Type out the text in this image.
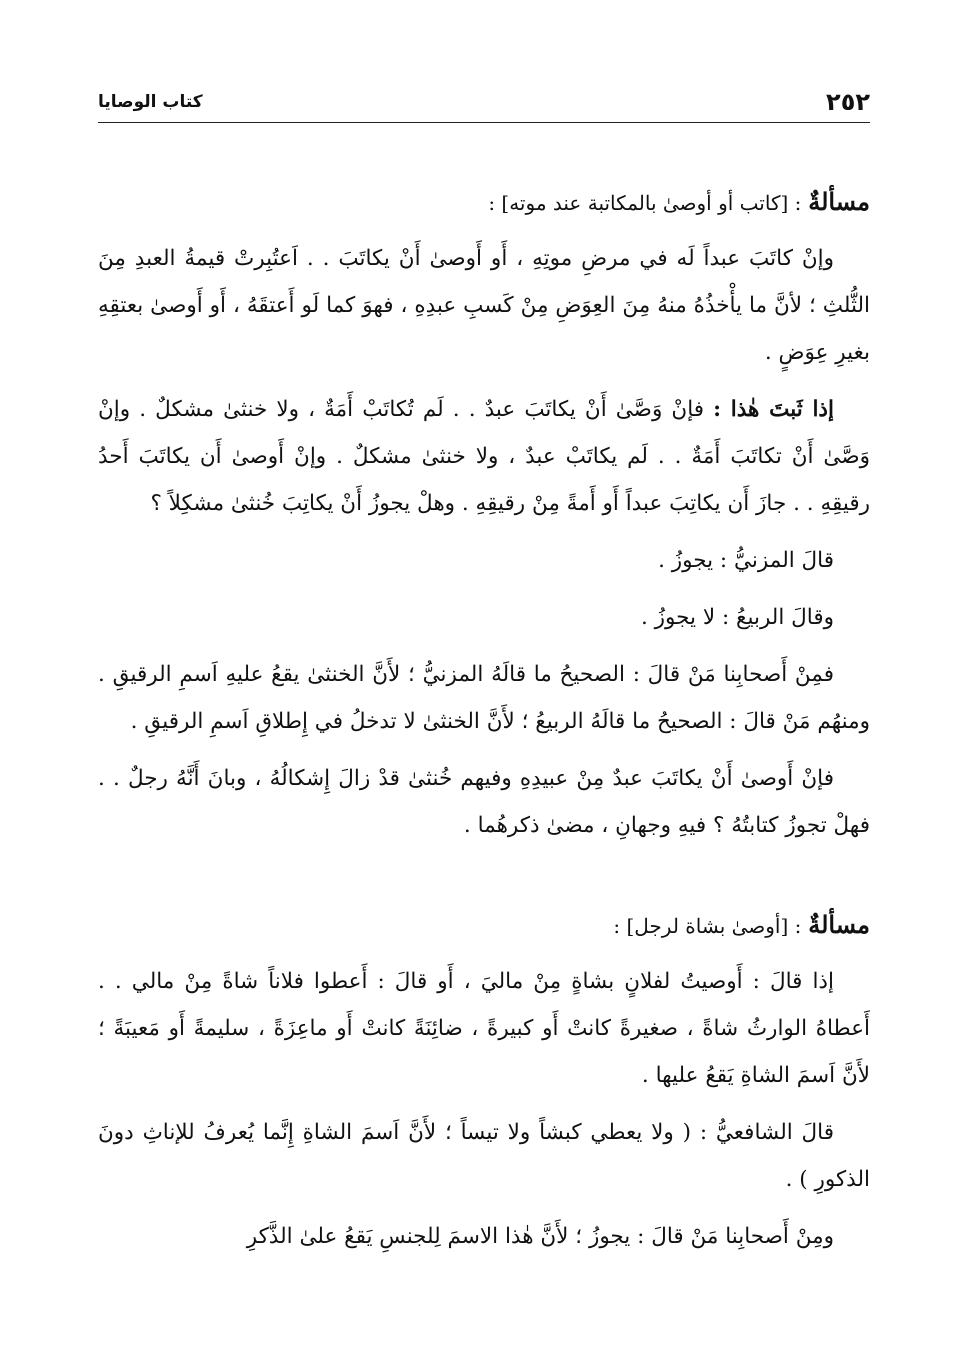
٢٥٢
كتاب الوصايا
مسألةٌ : [كاتب أو أوصىٰ بالمكاتبة عند موته] :

وإنْ كاتَبَ عبداً لَه في مرضِ موتِهِ ، أَو أَوصىٰ أَنْ يكاتَبَ . . اَعتُبِرتْ قيمةُ العبدِ مِنَ الثُّلثِ ؛ لأنَّ ما يأْخذُهُ منهُ مِنَ العِوَضِ مِنْ كَسبِ عبدِهِ ، فهوَ كما لَو أَعتقَهُ ، أَو أَوصىٰ بعتقِهِ بغيرِ عِوَضٍ .

إذا ثَبتَ هٰذا : فإنْ وَصَّىٰ أَنْ يكاتَبَ عبدٌ . . لَم تُكاتَبْ أَمَةٌ ، ولا خنثىٰ مشكلٌ . وإنْ وَصَّىٰ أَنْ تكاتَبَ أَمَةٌ . . لَم يكاتَبْ عبدٌ ، ولا خنثىٰ مشكلٌ . وإنْ أَوصىٰ أَن يكاتَبَ أَحدُ رقيقِهِ . . جازَ أَن يكاتِبَ عبداً أَو أَمةً مِنْ رقيقِهِ . وهلْ يجوزُ أَنْ يكاتِبَ خُنثىٰ مشكِلاً ؟

قالَ المزنيُّ : يجوزُ .

وقالَ الربيعُ : لا يجوزُ .

فمِنْ أَصحابِنا مَنْ قالَ : الصحيحُ ما قالَهُ المزنيُّ ؛ لأَنَّ الخنثىٰ يقعُ عليهِ اَسمِ الرقيقِ . ومنهُم مَنْ قالَ : الصحيحُ ما قالَهُ الربيعُ ؛ لأَنَّ الخنثىٰ لا تدخلُ في إِطلاقِ اَسمِ الرقيقِ .

فإنْ أَوصىٰ أَنْ يكاتَبَ عبدٌ مِنْ عبيدِهِ وفيهم خُنثىٰ قدْ زالَ إِشكالُهُ ، وبانَ أَنَّهُ رجلٌ . . فهلْ تجوزُ كتابتُهُ ؟ فيهِ وجهانِ ، مضىٰ ذكرهُما .

مسألةٌ : [أوصىٰ بشاة لرجل] :

إذا قالَ : أَوصيتُ لفلانٍ بشاةٍ مِنْ ماليَ ، أَو قالَ : أَعطوا فلاناً شاةً مِنْ مالي . . أَعطاهُ الوارثُ شاةً ، صغيرةً كانتْ أَو كبيرةً ، ضائِنَةً كانتْ أَو ماعِزَةً ، سليمةً أَو مَعيبَةً ؛ لأَنَّ اَسمَ الشاةِ يَقعُ عليها .

قالَ الشافعيُّ : ( ولا يعطي كبشاً ولا تيساً ؛ لأَنَّ اَسمَ الشاةِ إِنَّما يُعرفُ للإناثِ دونَ الذكورِ ) .

ومِنْ أَصحابِنا مَنْ قالَ : يجوزُ ؛ لأَنَّ هٰذا الاسمَ لِلجنسِ يَقعُ علىٰ الذَّكرِ
